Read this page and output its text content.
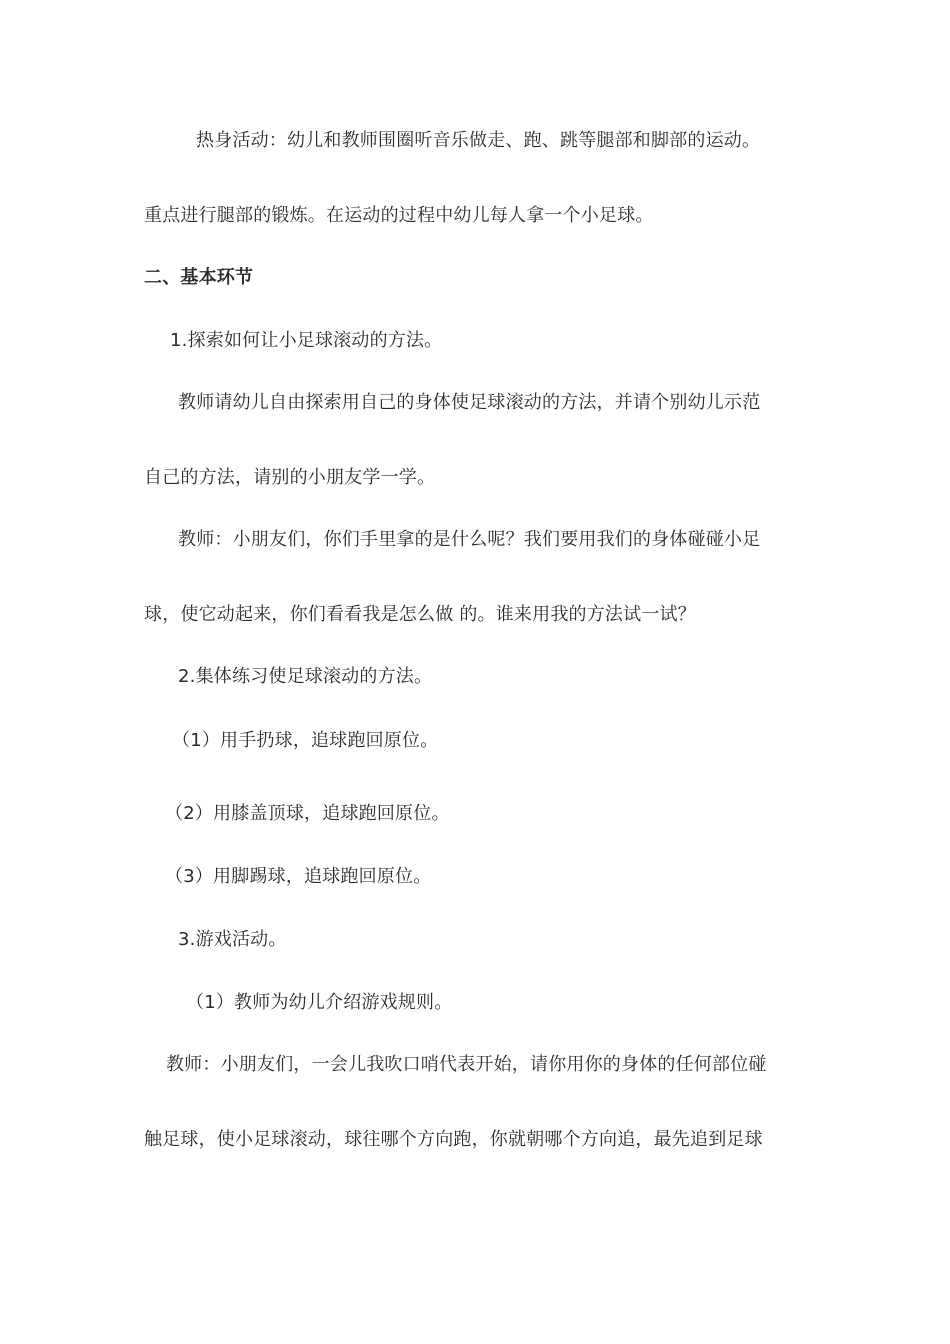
热身活动：幼儿和教师围圈听音乐做走、跑、跳等腿部和脚部的运动。
重点进行腿部的锻炼。在运动的过程中幼儿每人拿一个小足球。
二、基本环节
1.探索如何让小足球滚动的方法。
教师请幼儿自由探索用自己的身体使足球滚动的方法，并请个别幼儿示范
自己的方法，请别的小朋友学一学。
教师：小朋友们，你们手里拿的是什么呢？我们要用我们的身体碰碰小足
球，使它动起来，你们看看我是怎么做 的。谁来用我的方法试一试？
2.集体练习使足球滚动的方法。
（1）用手扔球，追球跑回原位。
（2）用膝盖顶球，追球跑回原位。
（3）用脚踢球，追球跑回原位。
3.游戏活动。
（1）教师为幼儿介绍游戏规则。
教师：小朋友们，一会儿我吹口哨代表开始，请你用你的身体的任何部位碰
触足球，使小足球滚动，球往哪个方向跑，你就朝哪个方向追，最先追到足球
